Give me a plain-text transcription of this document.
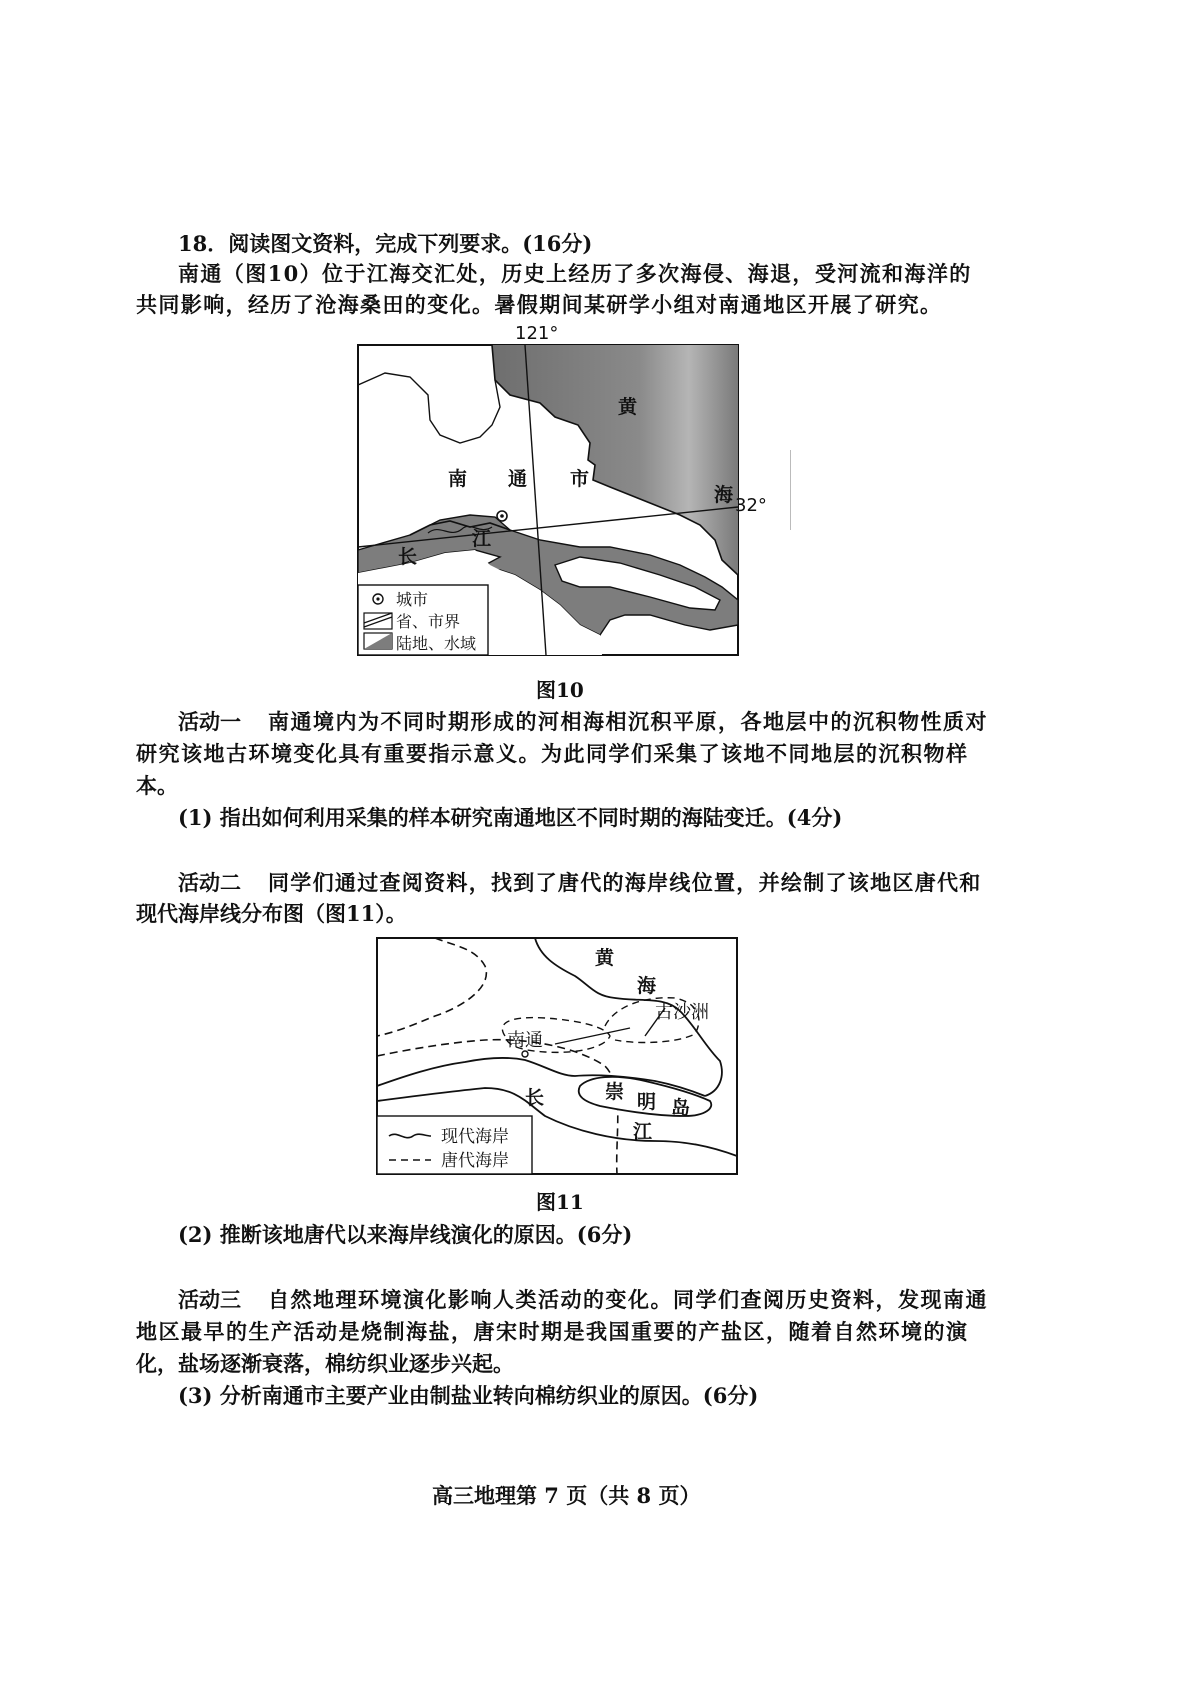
18．阅读图文资料，完成下列要求。(16分)
南通（图10）位于江海交汇处，历史上经历了多次海侵、海退，受河流和海洋的
共同影响，经历了沧海桑田的变化。暑假期间某研学小组对南通地区开展了研究。
121°
32°
黄
海
南 通 市
长
江
城市
省、市界
陆地、水域
图10
活动一 南通境内为不同时期形成的河相海相沉积平原，各地层中的沉积物性质对
研究该地古环境变化具有重要指示意义。为此同学们采集了该地不同地层的沉积物样
本。
(1) 指出如何利用采集的样本研究南通地区不同时期的海陆变迁。(4分)
活动二 同学们通过查阅资料，找到了唐代的海岸线位置，并绘制了该地区唐代和
现代海岸线分布图（图11）。
黄
海
古沙洲
南通
长
江
崇 明 岛
现代海岸
唐代海岸
图11
(2) 推断该地唐代以来海岸线演化的原因。(6分)
活动三 自然地理环境演化影响人类活动的变化。同学们查阅历史资料，发现南通
地区最早的生产活动是烧制海盐，唐宋时期是我国重要的产盐区，随着自然环境的演
化，盐场逐渐衰落，棉纺织业逐步兴起。
(3) 分析南通市主要产业由制盐业转向棉纺织业的原因。(6分)
高三地理第 7 页（共 8 页）
